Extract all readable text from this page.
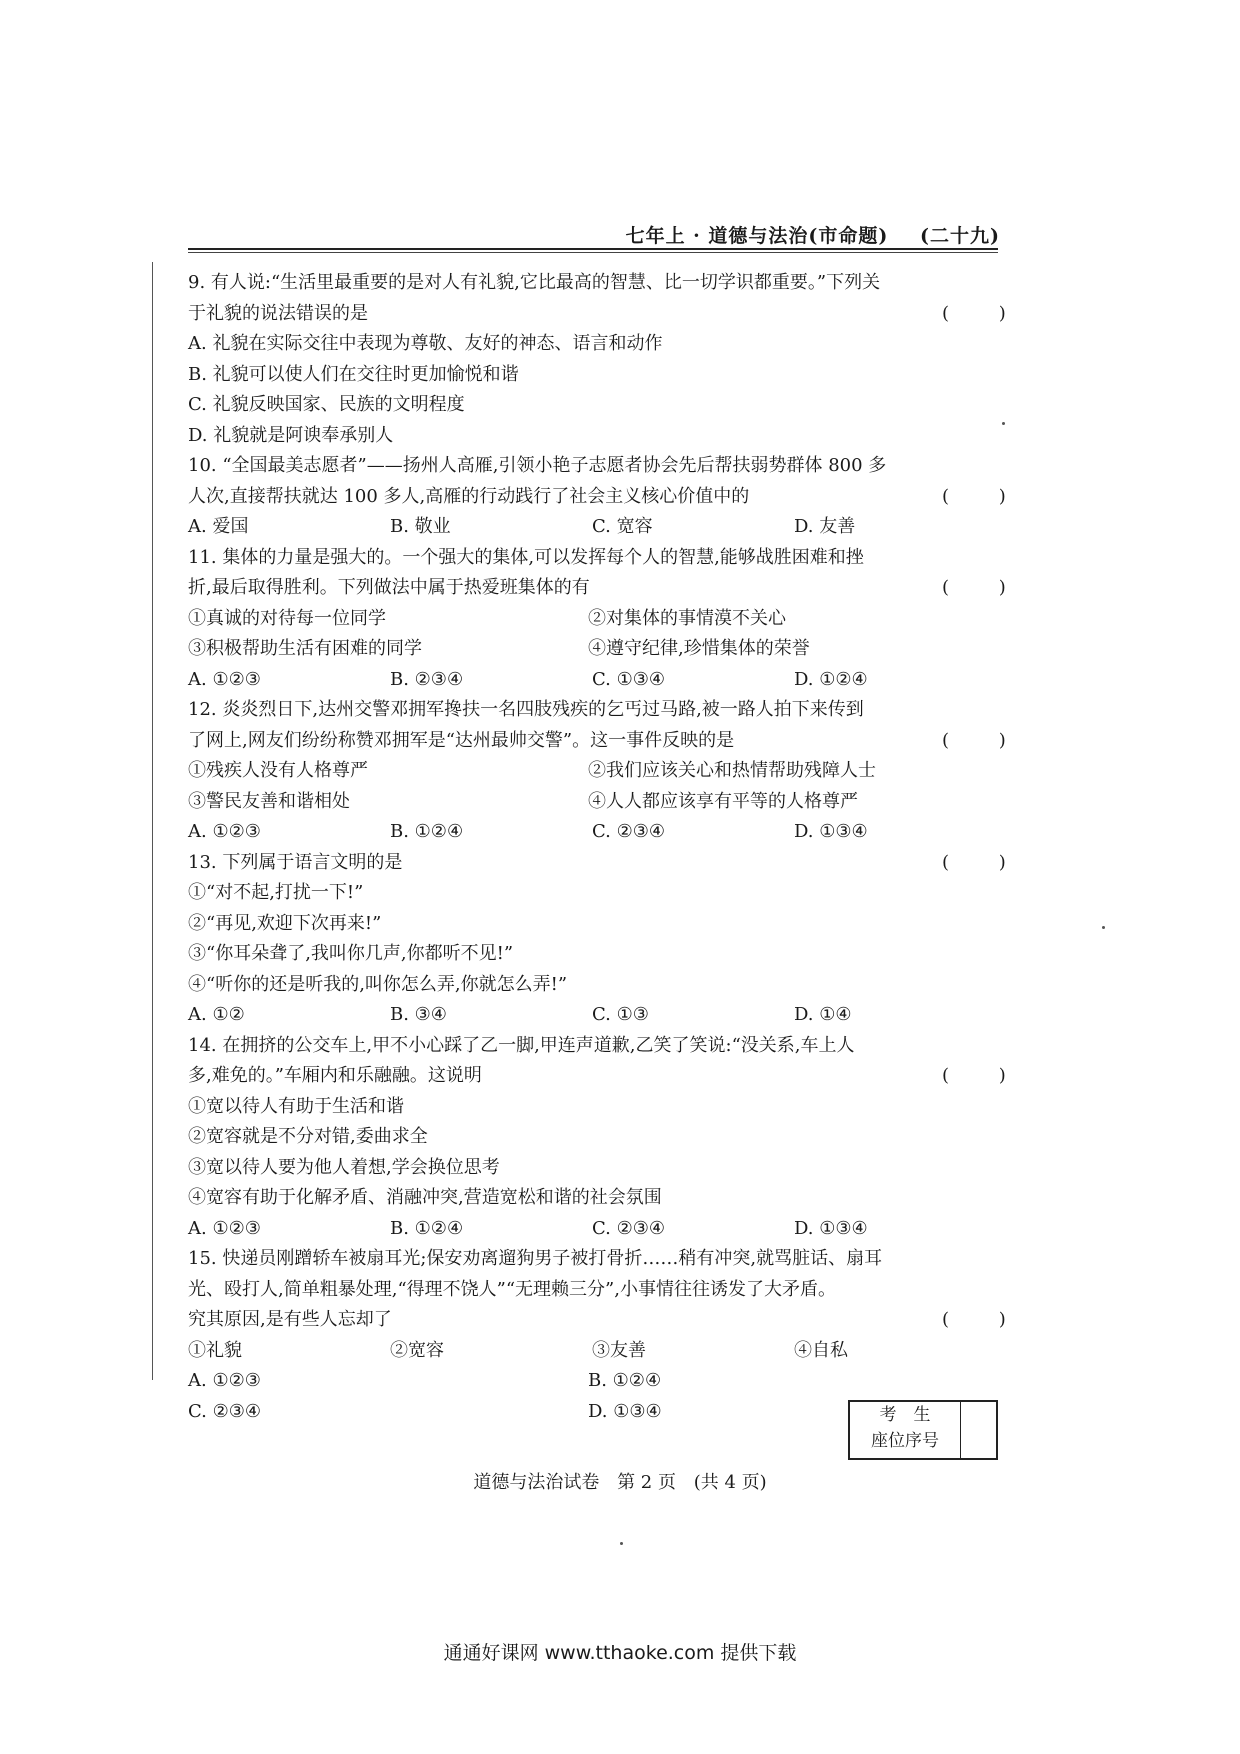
七年上 · 道德与法治(市命题) (二十九)
9. 有人说:“生活里最重要的是对人有礼貌,它比最高的智慧、比一切学识都重要。”下列关
于礼貌的说法错误的是	( )
A. 礼貌在实际交往中表现为尊敬、友好的神态、语言和动作
B. 礼貌可以使人们在交往时更加愉悦和谐
C. 礼貌反映国家、民族的文明程度
D. 礼貌就是阿谀奉承别人
10. “全国最美志愿者”——扬州人高雁,引领小艳子志愿者协会先后帮扶弱势群体 800 多
人次,直接帮扶就达 100 多人,高雁的行动践行了社会主义核心价值中的	( )
A. 爱国	B. 敬业	C. 宽容	D. 友善
11. 集体的力量是强大的。一个强大的集体,可以发挥每个人的智慧,能够战胜困难和挫
折,最后取得胜利。下列做法中属于热爱班集体的有	( )
①真诚的对待每一位同学	②对集体的事情漠不关心
③积极帮助生活有困难的同学	④遵守纪律,珍惜集体的荣誉
A. ①②③	B. ②③④	C. ①③④	D. ①②④
12. 炎炎烈日下,达州交警邓拥军搀扶一名四肢残疾的乞丐过马路,被一路人拍下来传到
了网上,网友们纷纷称赞邓拥军是“达州最帅交警”。这一事件反映的是	( )
①残疾人没有人格尊严	②我们应该关心和热情帮助残障人士
③警民友善和谐相处	④人人都应该享有平等的人格尊严
A. ①②③	B. ①②④	C. ②③④	D. ①③④
13. 下列属于语言文明的是	( )
①“对不起,打扰一下!”
②“再见,欢迎下次再来!”
③“你耳朵聋了,我叫你几声,你都听不见!”
④“听你的还是听我的,叫你怎么弄,你就怎么弄!”
A. ①②	B. ③④	C. ①③	D. ①④
14. 在拥挤的公交车上,甲不小心踩了乙一脚,甲连声道歉,乙笑了笑说:“没关系,车上人
多,难免的。”车厢内和乐融融。这说明	( )
①宽以待人有助于生活和谐
②宽容就是不分对错,委曲求全
③宽以待人要为他人着想,学会换位思考
④宽容有助于化解矛盾、消融冲突,营造宽松和谐的社会氛围
A. ①②③	B. ①②④	C. ②③④	D. ①③④
15. 快递员刚蹭轿车被扇耳光;保安劝离遛狗男子被打骨折……稍有冲突,就骂脏话、扇耳
光、殴打人,简单粗暴处理,“得理不饶人”“无理赖三分”,小事情往往诱发了大矛盾。
究其原因,是有些人忘却了	( )
①礼貌	②宽容	③友善	④自私
A. ①②③	B. ①②④
C. ②③④	D. ①③④	考　生
座位序号
道德与法治试卷 第 2 页 (共 4 页)
通通好课网 www.tthaoke.com 提供下载
